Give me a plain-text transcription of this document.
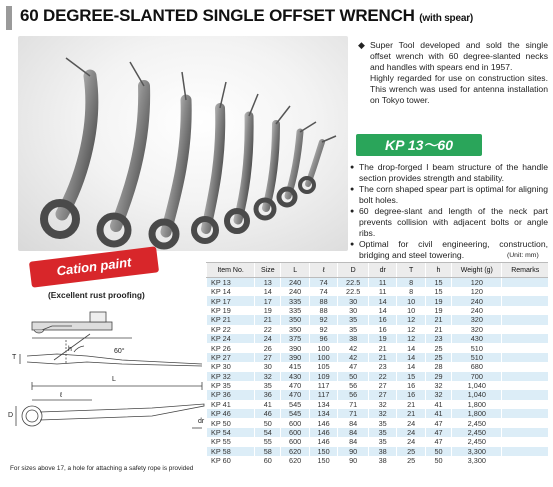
60 DEGREE-SLANTED SINGLE OFFSET WRENCH (with spear)
◆ Super Tool developed and sold the single offset wrench with 60 degree-slanted necks and handles with spears end in 1957.

Highly regarded for use on construction sites. This wrench was used for antenna installation on Tokyo tower.

KP 13〜60
● The drop-forged I beam structure of the handle section provides strength and stability.
● The corn shaped spear part is optimal for aligning bolt holes.
● 60 degree-slant and length of the neck part prevents collision with adjacent bolts or angle ribs.
● Optimal for civil engineering, construction, bridging and steel towering.
Cation paint
(Excellent rust proofing)
60°
h
T
L
ℓ
D
dr
For sizes above 17, a hole for attaching a safety rope is provided
(Unit: mm)
Item No.	Size	L	ℓ	D	dr	T	h	Weight (g)	Remarks
KP 13	13	240	74	22.5	11	8	15	120	
KP 14	14	240	74	22.5	11	8	15	120	
KP 17	17	335	88	30	14	10	19	240	
KP 19	19	335	88	30	14	10	19	240	
KP 21	21	350	92	35	16	12	21	320	
KP 22	22	350	92	35	16	12	21	320	
KP 24	24	375	96	38	19	12	23	430	
KP 26	26	390	100	42	21	14	25	510	
KP 27	27	390	100	42	21	14	25	510	
KP 30	30	415	105	47	23	14	28	680	
KP 32	32	430	109	50	22	15	29	700	
KP 35	35	470	117	56	27	16	32	1,040	
KP 36	36	470	117	56	27	16	32	1,040	
KP 41	41	545	134	71	32	21	41	1,800	
KP 46	46	545	134	71	32	21	41	1,800	
KP 50	50	600	146	84	35	24	47	2,450	
KP 54	54	600	146	84	35	24	47	2,450	
KP 55	55	600	146	84	35	24	47	2,450	
KP 58	58	620	150	90	38	25	50	3,300	
KP 60	60	620	150	90	38	25	50	3,300	
